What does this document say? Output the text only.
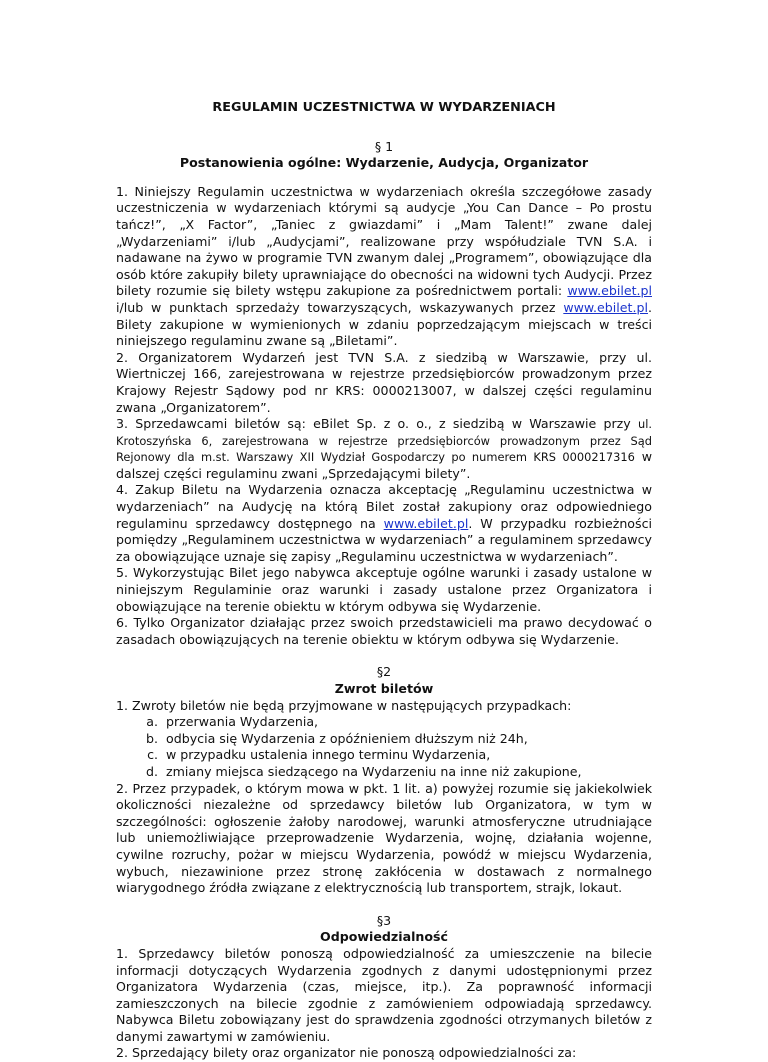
REGULAMIN UCZESTNICTWA W WYDARZENIACH
§ 1
Postanowienia ogólne: Wydarzenie, Audycja, Organizator

1. Niniejszy Regulamin uczestnictwa w wydarzeniach określa szczegółowe zasady uczestniczenia w wydarzeniach którymi są audycje „You Can Dance – Po prostu tańcz!”, „X Factor”, „Taniec z gwiazdami” i „Mam Talent!” zwane dalej „Wydarzeniami” i/lub „Audycjami”, realizowane przy współudziale TVN S.A. i nadawane na żywo w programie TVN zwanym dalej „Programem”, obowiązujące dla osób które zakupiły bilety uprawniające do obecności na widowni tych Audycji. Przez bilety rozumie się bilety wstępu zakupione za pośrednictwem portali: www.ebilet.pl i/lub w punktach sprzedaży towarzyszących, wskazywanych przez www.ebilet.pl. Bilety zakupione w wymienionych w zdaniu poprzedzającym miejscach w treści niniejszego regulaminu zwane są „Biletami”.

2. Organizatorem Wydarzeń jest TVN S.A. z siedzibą w Warszawie, przy ul. Wiertniczej 166, zarejestrowana w rejestrze przedsiębiorców prowadzonym przez Krajowy Rejestr Sądowy pod nr KRS: 0000213007, w dalszej części regulaminu zwana „Organizatorem”.

3. Sprzedawcami biletów są: eBilet Sp. z o. o., z siedzibą w Warszawie przy ul. Krotoszyńska 6, zarejestrowana w rejestrze przedsiębiorców prowadzonym przez Sąd Rejonowy dla m.st. Warszawy XII Wydział Gospodarczy po numerem KRS 0000217316 w dalszej części regulaminu zwani „Sprzedającymi bilety”.

4. Zakup Biletu na Wydarzenia oznacza akceptację „Regulaminu uczestnictwa w wydarzeniach” na Audycję na którą Bilet został zakupiony oraz odpowiedniego regulaminu sprzedawcy dostępnego na www.ebilet.pl. W przypadku rozbieżności pomiędzy „Regulaminem uczestnictwa w wydarzeniach” a regulaminem sprzedawcy za obowiązujące uznaje się zapisy „Regulaminu uczestnictwa w wydarzeniach”.

5. Wykorzystując Bilet jego nabywca akceptuje ogólne warunki i zasady ustalone w niniejszym Regulaminie oraz warunki i zasady ustalone przez Organizatora i obowiązujące na terenie obiektu w którym odbywa się Wydarzenie.

6. Tylko Organizator działając przez swoich przedstawicieli ma prawo decydować o zasadach obowiązujących na terenie obiektu w którym odbywa się Wydarzenie.

§2
Zwrot biletów

1. Zwroty biletów nie będą przyjmowane w następujących przypadkach:

a. przerwania Wydarzenia,
b. odbycia się Wydarzenia z opóźnieniem dłuższym niż 24h,
c. w przypadku ustalenia innego terminu Wydarzenia,
d. zmiany miejsca siedzącego na Wydarzeniu na inne niż zakupione,

2. Przez przypadek, o którym mowa w pkt. 1 lit. a) powyżej rozumie się jakiekolwiek okoliczności niezależne od sprzedawcy biletów lub Organizatora, w tym w szczególności: ogłoszenie żałoby narodowej, warunki atmosferyczne utrudniające lub uniemożliwiające przeprowadzenie Wydarzenia, wojnę, działania wojenne, cywilne rozruchy, pożar w miejscu Wydarzenia, powódź w miejscu Wydarzenia, wybuch, niezawinione przez stronę zakłócenia w dostawach z normalnego wiarygodnego źródła związane z elektrycznością lub transportem, strajk, lokaut.

§3
Odpowiedzialność

1. Sprzedawcy biletów ponoszą odpowiedzialność za umieszczenie na bilecie informacji dotyczących Wydarzenia zgodnych z danymi udostępnionymi przez Organizatora Wydarzenia (czas, miejsce, itp.). Za poprawność informacji zamieszczonych na bilecie zgodnie z zamówieniem odpowiadają sprzedawcy. Nabywca Biletu zobowiązany jest do sprawdzenia zgodności otrzymanych biletów z danymi zawartymi w zamówieniu.

2. Sprzedający bilety oraz organizator nie ponoszą odpowiedzialności za:
